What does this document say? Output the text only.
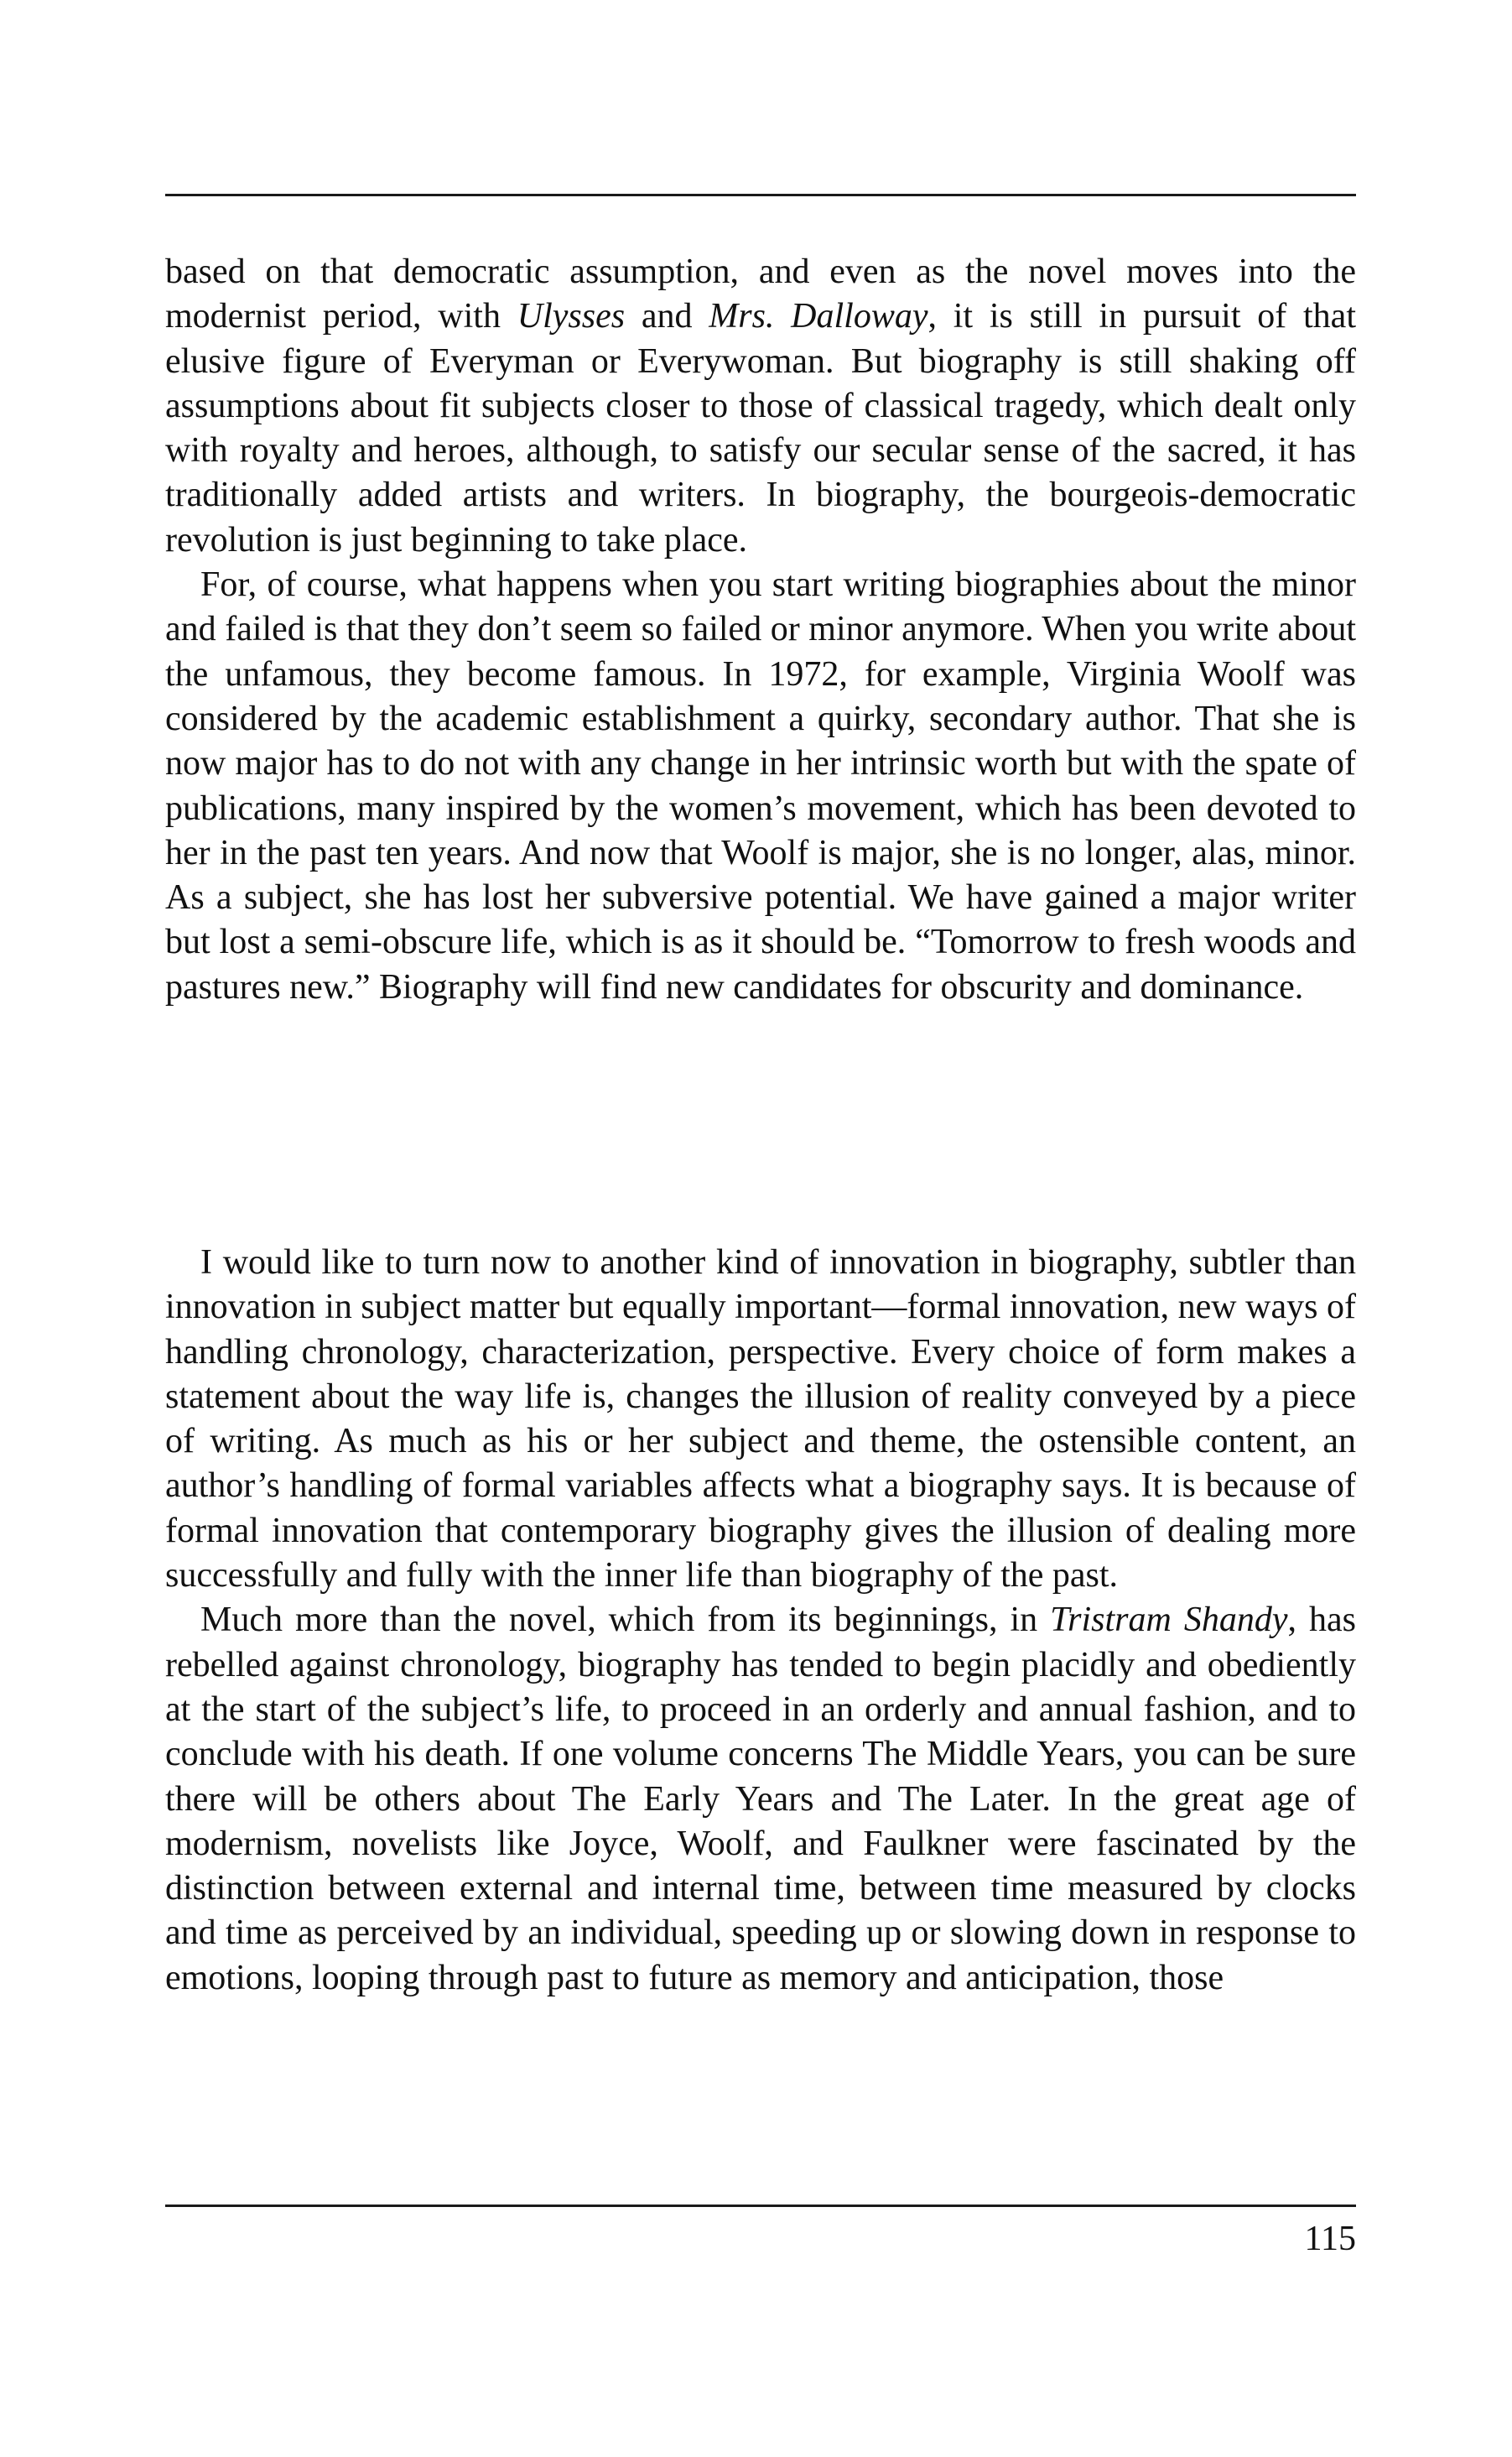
based on that democratic assumption, and even as the novel moves into the modernist period, with Ulysses and Mrs. Dalloway, it is still in pursuit of that elusive figure of Everyman or Everywoman. But biography is still shaking off assumptions about fit subjects closer to those of classical tragedy, which dealt only with royalty and heroes, although, to satisfy our secular sense of the sacred, it has traditionally added artists and writers. In biography, the bourgeois-democratic revolution is just beginning to take place.

For, of course, what happens when you start writing biographies about the minor and failed is that they don’t seem so failed or minor anymore. When you write about the unfamous, they become famous. In 1972, for example, Virginia Woolf was considered by the academic establishment a quirky, secondary author. That she is now major has to do not with any change in her intrinsic worth but with the spate of publications, many inspired by the women’s movement, which has been devoted to her in the past ten years. And now that Woolf is major, she is no longer, alas, minor. As a subject, she has lost her subversive potential. We have gained a major writer but lost a semi-obscure life, which is as it should be. “Tomorrow to fresh woods and pastures new.” Biography will find new candidates for obscurity and dominance.

I would like to turn now to another kind of innovation in biography, subtler than innovation in subject matter but equally important—formal innovation, new ways of handling chronology, characterization, perspective. Every choice of form makes a statement about the way life is, changes the illusion of reality conveyed by a piece of writing. As much as his or her subject and theme, the ostensible content, an author’s handling of formal variables affects what a biography says. It is because of formal innovation that contemporary biography gives the illusion of dealing more successfully and fully with the inner life than biography of the past.

Much more than the novel, which from its beginnings, in Tristram Shandy, has rebelled against chronology, biography has tended to begin placidly and obediently at the start of the subject’s life, to proceed in an orderly and annual fashion, and to conclude with his death. If one volume concerns The Middle Years, you can be sure there will be others about The Early Years and The Later. In the great age of modernism, novelists like Joyce, Woolf, and Faulkner were fascinated by the distinction between external and internal time, between time measured by clocks and time as perceived by an individual, speeding up or slowing down in response to emotions, looping through past to future as memory and anticipation, those

115
